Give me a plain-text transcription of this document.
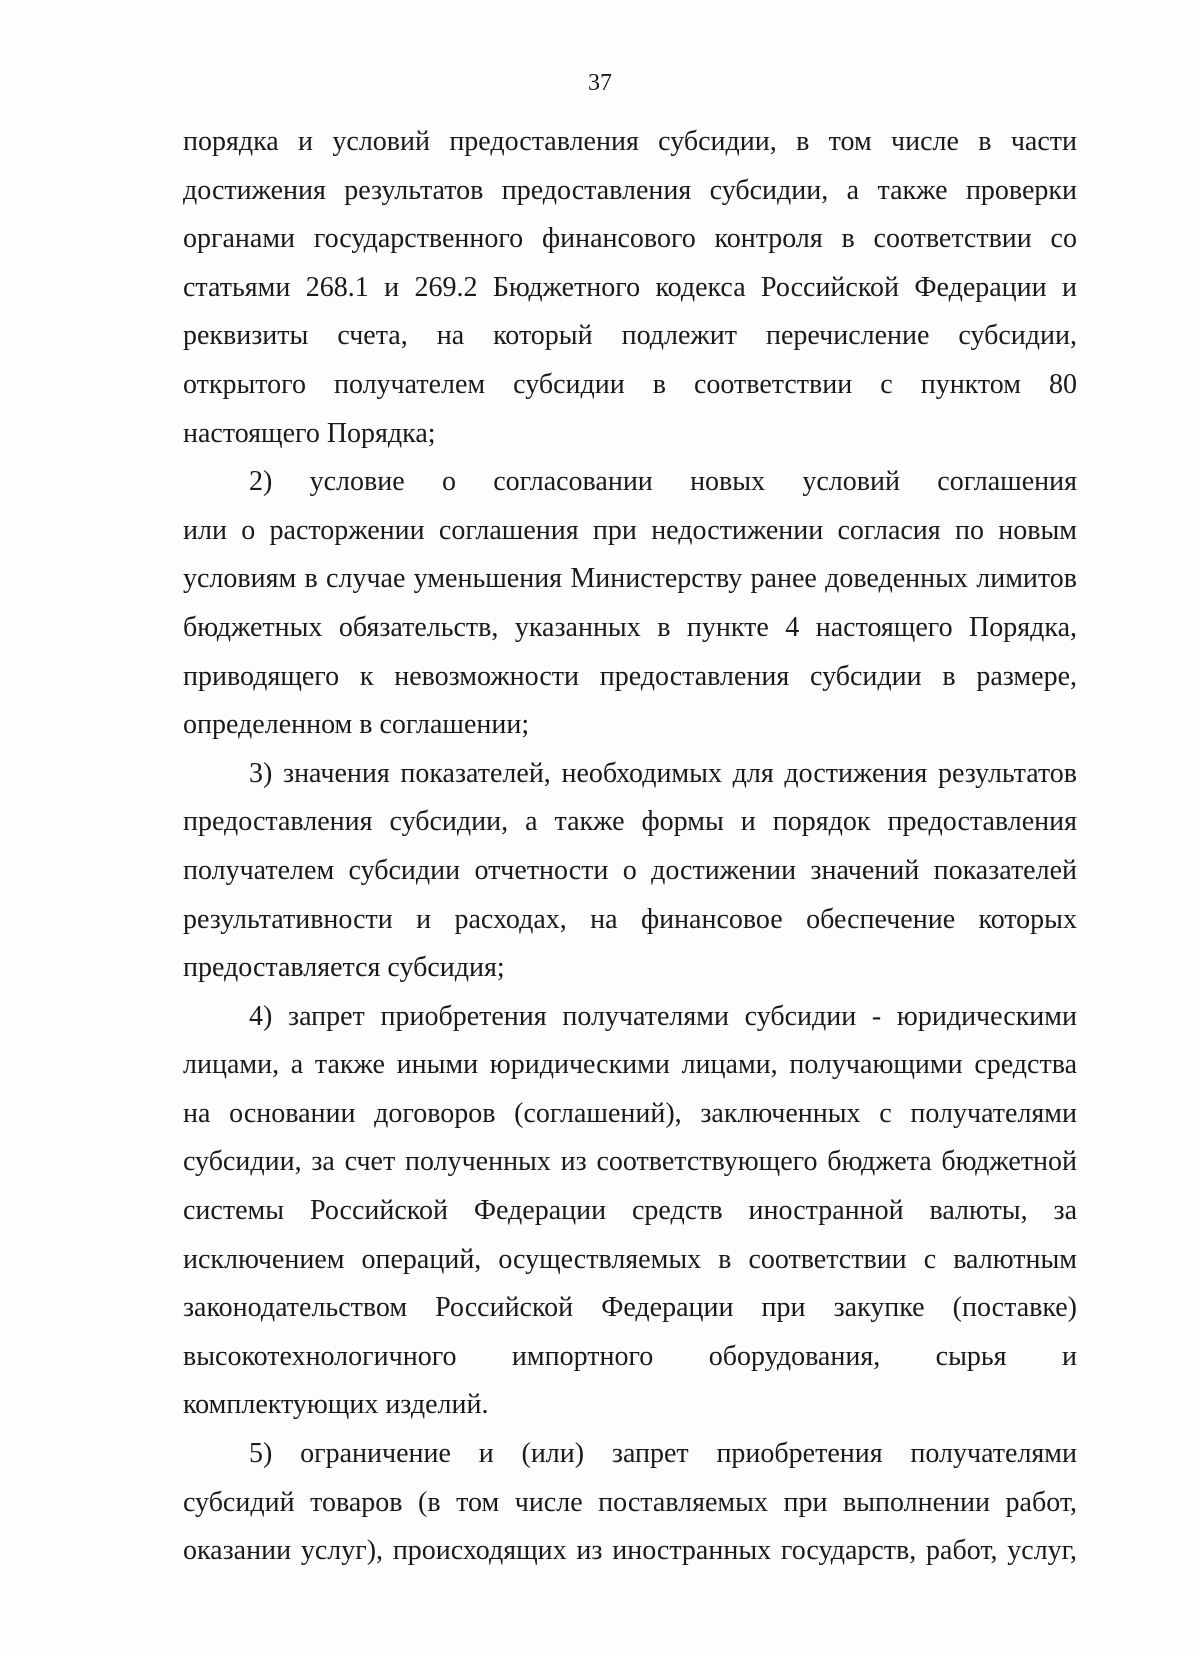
37
порядка и условий предоставления субсидии, в том числе в части
достижения результатов предоставления субсидии, а также проверки
органами государственного финансового контроля в соответствии со
статьями 268.1 и 269.2 Бюджетного кодекса Российской Федерации и
реквизиты счета, на который подлежит перечисление субсидии,
открытого получателем субсидии в соответствии с пунктом 80
настоящего Порядка;
2) условие о согласовании новых условий соглашения
или о расторжении соглашения при недостижении согласия по новым
условиям в случае уменьшения Министерству ранее доведенных лимитов
бюджетных обязательств, указанных в пункте 4 настоящего Порядка,
приводящего к невозможности предоставления субсидии в размере,
определенном в соглашении;
3) значения показателей, необходимых для достижения результатов
предоставления субсидии, а также формы и порядок предоставления
получателем субсидии отчетности о достижении значений показателей
результативности и расходах, на финансовое обеспечение которых
предоставляется субсидия;
4) запрет приобретения получателями субсидии - юридическими
лицами, а также иными юридическими лицами, получающими средства
на основании договоров (соглашений), заключенных с получателями
субсидии, за счет полученных из соответствующего бюджета бюджетной
системы Российской Федерации средств иностранной валюты, за
исключением операций, осуществляемых в соответствии с валютным
законодательством Российской Федерации при закупке (поставке)
высокотехнологичного импортного оборудования, сырья и
комплектующих изделий.
5) ограничение и (или) запрет приобретения получателями
субсидий товаров (в том числе поставляемых при выполнении работ,
оказании услуг), происходящих из иностранных государств, работ, услуг,
